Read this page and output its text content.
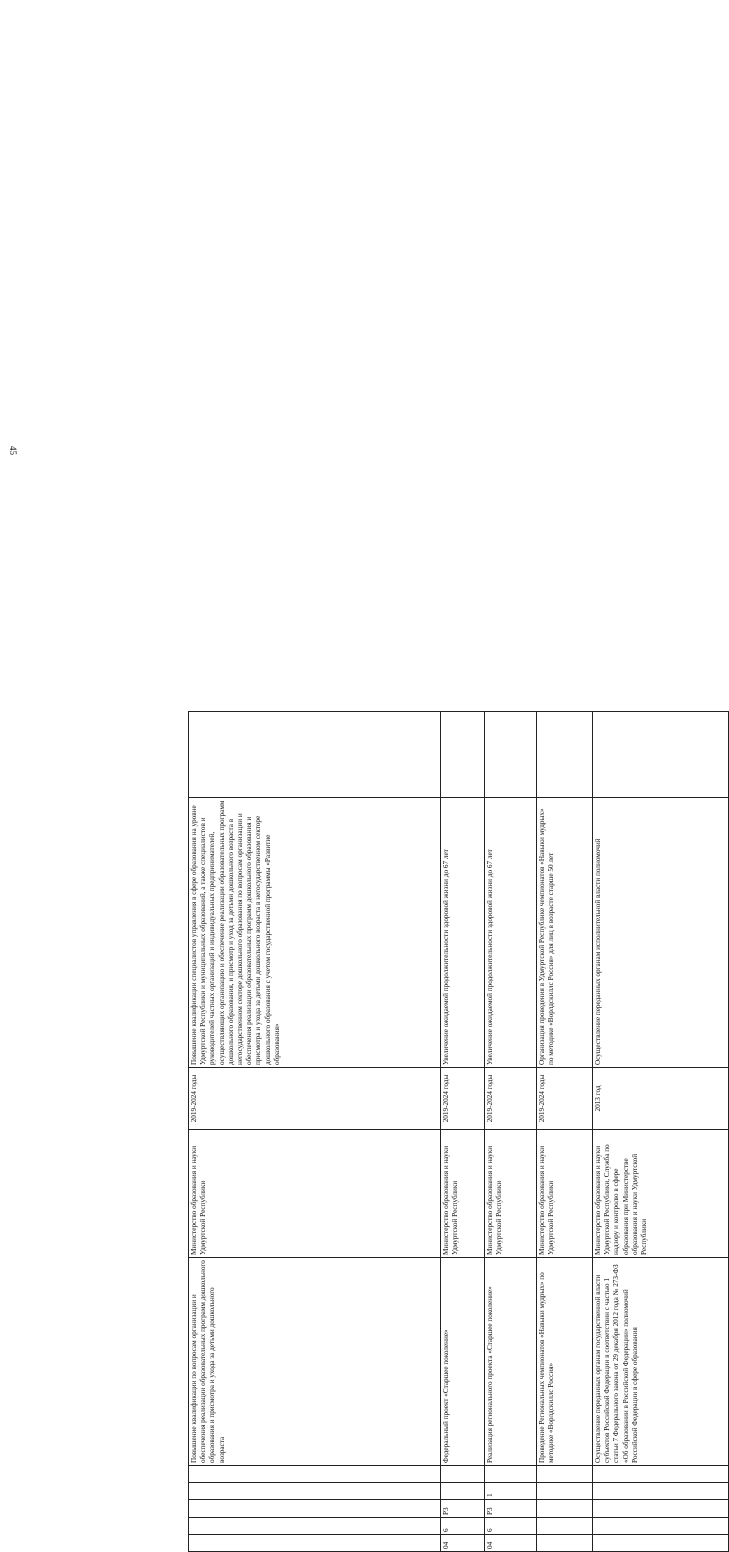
45
					Повышение квалификации по вопросам организации и обеспечения реализации образовательных программ дошкольного образования и присмотра и ухода за детьми дошкольного возраста	Министерство образования и науки Удмуртской Республики	2019-2024 годы	Повышение квалификации специалистов управления в сфере образования на уровне Удмуртской Республики и муниципальных образований, а также специалистов и руководителей частных организаций и индивидуальных предпринимателей, осуществляющих организацию и обеспечение реализации образовательных программ дошкольного образования, и присмотр и уход за детьми дошкольного возраста в негосударственном секторе дошкольного образования по вопросам организации и обеспечения реализации образовательных программ дошкольного образования и присмотра и ухода за детьми дошкольного возраста в негосударственном секторе дошкольного образования с учетом государственной программы «Развитие образования»	
04	6	Р3			Федеральный проект «Старшее поколение»	Министерство образования и науки Удмуртской Республики	2019-2024 годы	Увеличение ожидаемой продолжительности здоровой жизни до 67 лет	
04	6	Р3	1		Реализация регионального проекта «Старшее поколение»	Министерство образования и науки Удмуртской Республики	2019-2024 годы	Увеличение ожидаемой продолжительности здоровой жизни до 67 лет	
					Проведение Региональных чемпионатов «Навыки мудрых» по методике «Ворлдскиллс Россия»	Министерство образования и науки Удмуртской Республики	2019-2024 годы	Организация проведения в Удмуртской Республике чемпионатов «Навыки мудрых» по методике «Ворлдскиллс Россия» для лиц в возрасте старше 50 лет	
					Осуществление переданных органам государственной власти субъектов Российской Федерации в соответствии с частью 1 статьи 7 Федерального закона от 29 декабря 2012 года № 273-ФЗ «Об образовании в Российской Федерации» полномочий Российской Федерации в сфере образования	Министерство образования и науки Удмуртской Республики, Служба по надзору и контролю в сфере образования при Министерстве образования и науки Удмуртской Республики	2013 год	Осуществление переданных органам исполнительной власти полномочий	
